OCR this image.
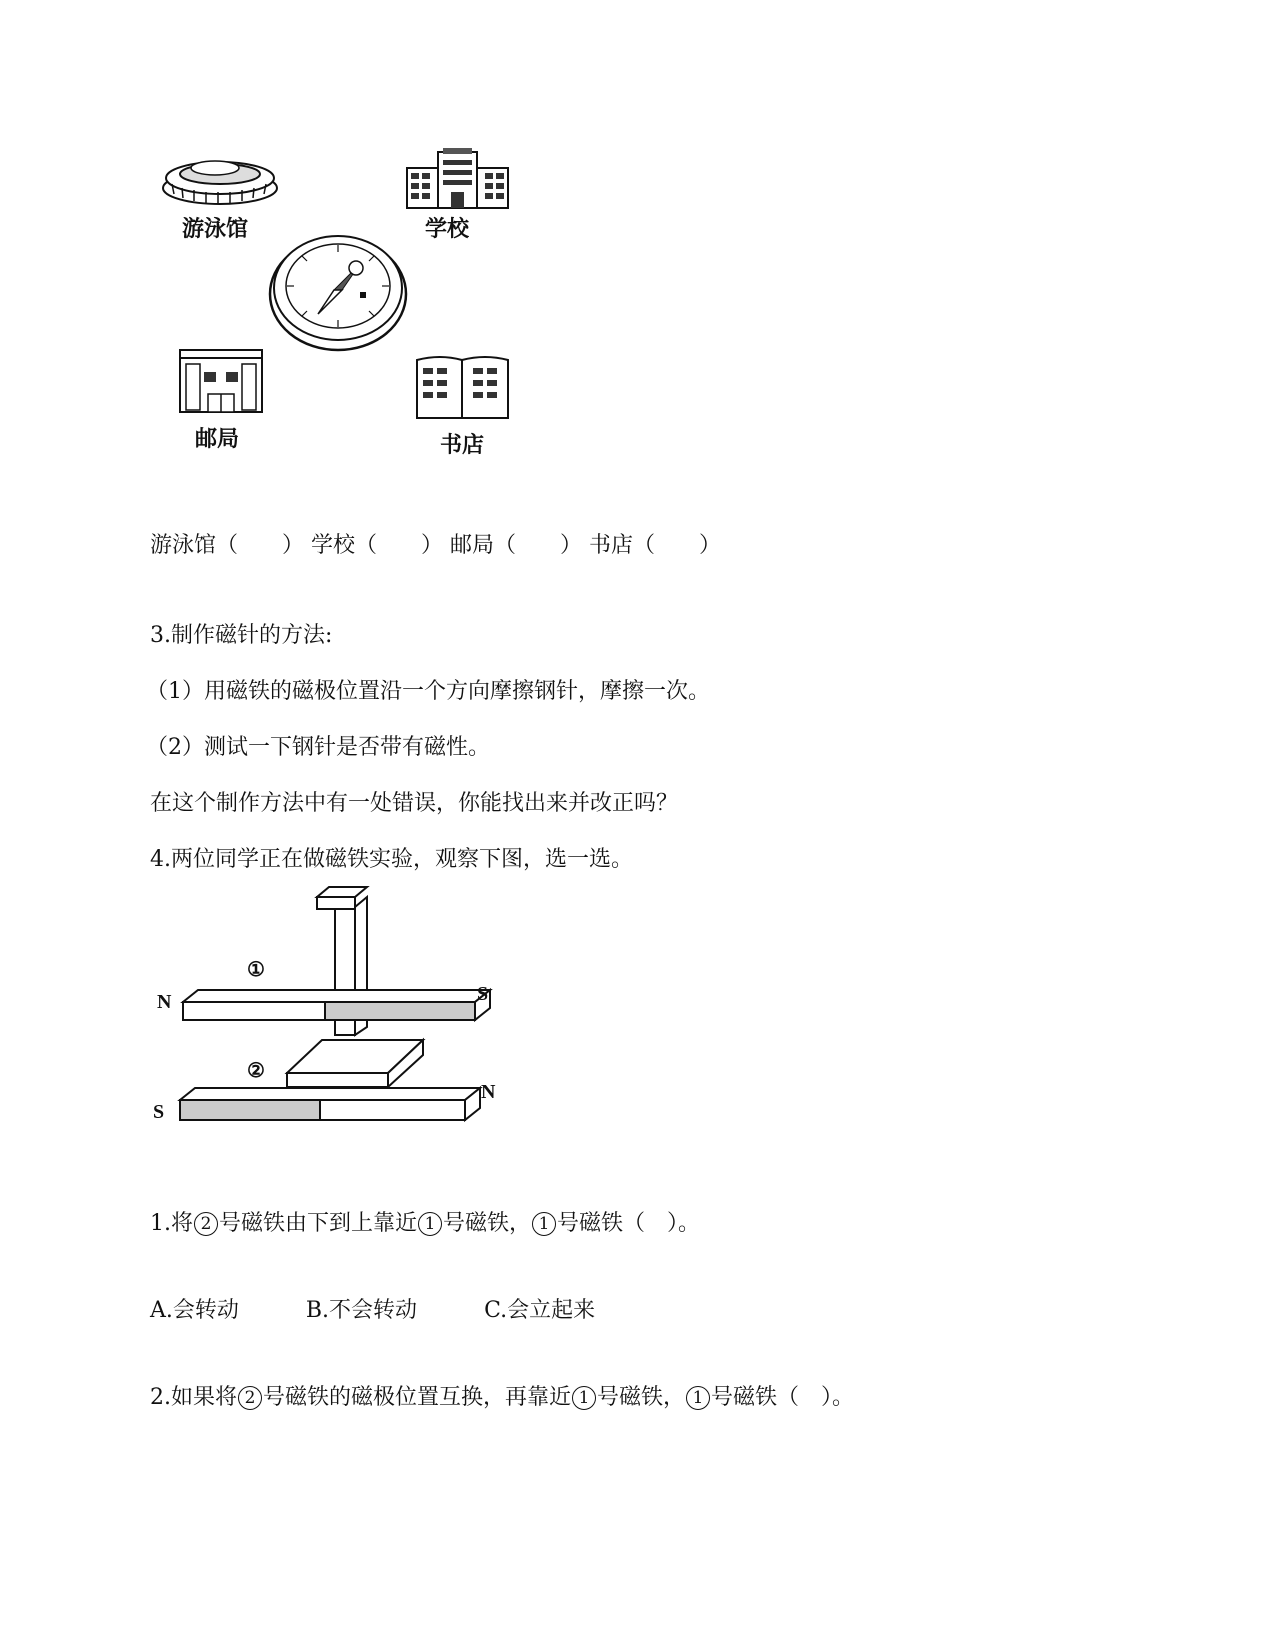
游泳馆	学校
邮局	书店
游泳馆（　　） 学校（　　） 邮局（　　） 书店（　　）
3.制作磁针的方法:
（1）用磁铁的磁极位置沿一个方向摩擦钢针，摩擦一次。
（2）测试一下钢针是否带有磁性。
在这个制作方法中有一处错误，你能找出来并改正吗？
4.两位同学正在做磁铁实验，观察下图，选一选。
①
N	S
②
S
N
1.将 2 号磁铁由下到上靠近 1 号磁铁， 1 号磁铁（　）。
A.会转动	B.不会转动	C.会立起来
2.如果将 2 号磁铁的磁极位置互换，再靠近 1 号磁铁， 1 号磁铁（　）。
